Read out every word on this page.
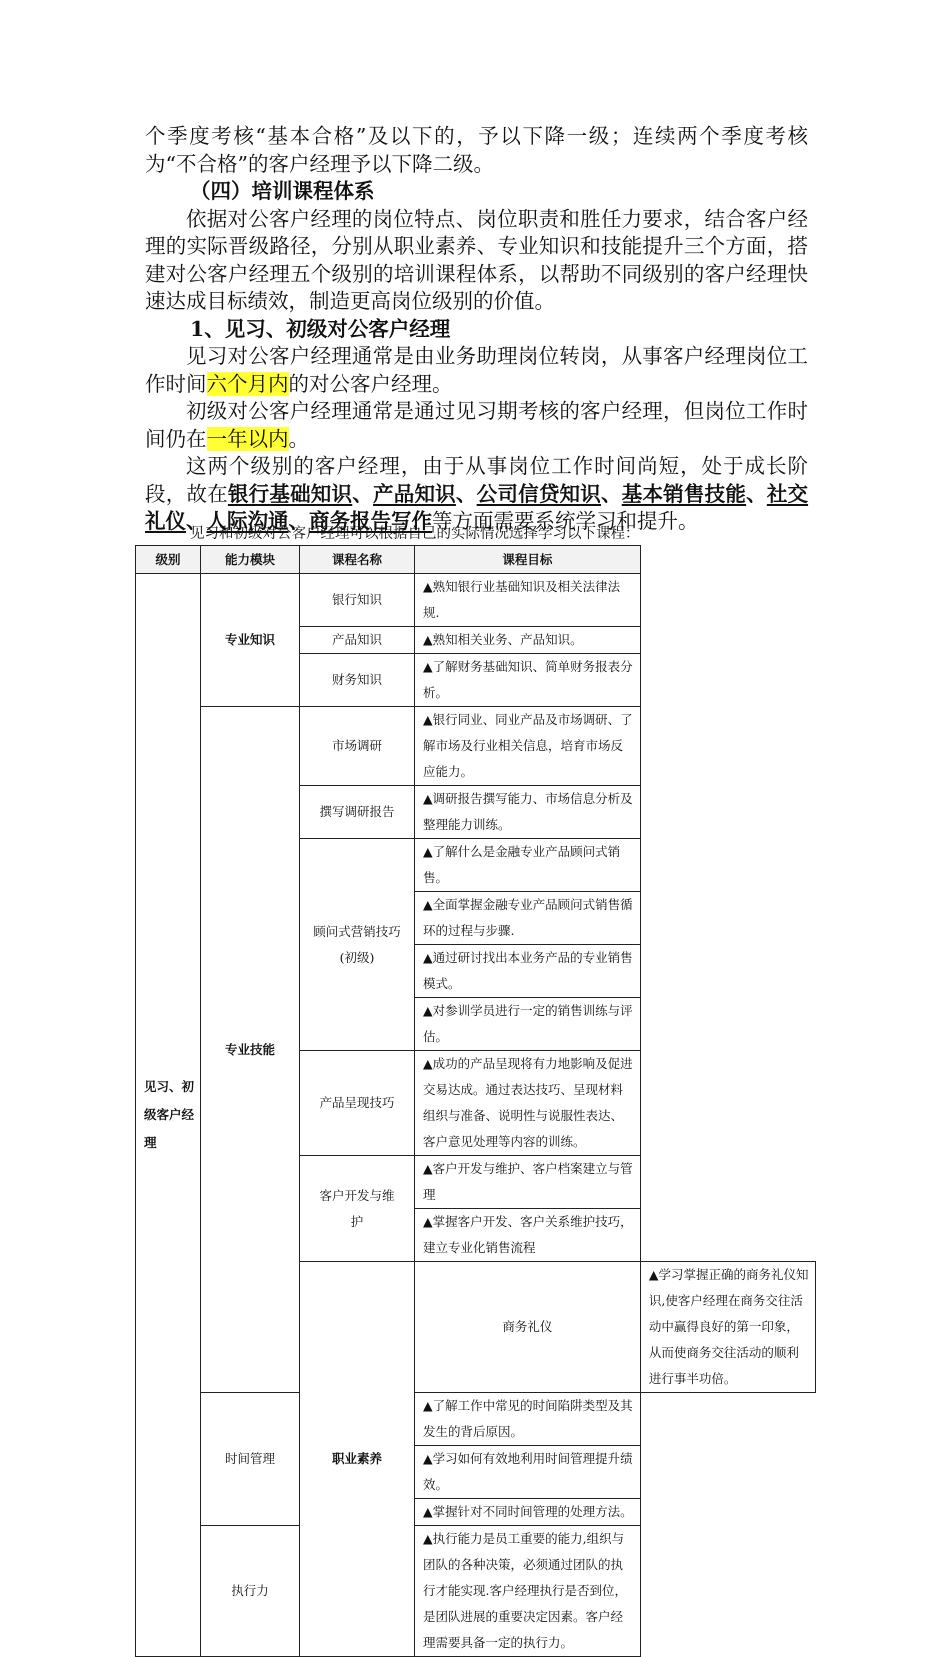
个季度考核“基本合格”及以下的，予以下降一级；连续两个季度考核为“不合格”的客户经理予以下降二级。

（四）培训课程体系

依据对公客户经理的岗位特点、岗位职责和胜任力要求，结合客户经理的实际晋级路径，分别从职业素养、专业知识和技能提升三个方面，搭建对公客户经理五个级别的培训课程体系，以帮助不同级别的客户经理快速达成目标绩效，制造更高岗位级别的价值。

1、见习、初级对公客户经理

见习对公客户经理通常是由业务助理岗位转岗，从事客户经理岗位工作时间六个月内的对公客户经理。

初级对公客户经理通常是通过见习期考核的客户经理，但岗位工作时间仍在一年以内。

这两个级别的客户经理，由于从事岗位工作时间尚短，处于成长阶段，故在银行基础知识、产品知识、公司信贷知识、基本销售技能、社交礼仪、人际沟通、商务报告写作等方面需要系统学习和提升。

见习和初级对公客户经理可以根据自己的实际情况选择学习以下课程：
级别	能力模块	课程名称	课程目标	
见习、初级客户经理	专业知识	银行知识	▲熟知银行业基础知识及相关法律法规.	
		产品知识	▲熟知相关业务、产品知识。	
		财务知识	▲了解财务基础知识、简单财务报表分析。	
	专业技能	市场调研	▲银行同业、同业产品及市场调研、了解市场及行业相关信息，培育市场反应能力。	
		撰写调研报告	▲调研报告撰写能力、市场信息分析及整理能力训练。	
		顾问式营销技巧(初级)	▲了解什么是金融专业产品顾问式销售。	
			▲全面掌握金融专业产品顾问式销售循环的过程与步骤.	
			▲通过研讨找出本业务产品的专业销售模式。	
			▲对参训学员进行一定的销售训练与评估。	
		产品呈现技巧	▲成功的产品呈现将有力地影响及促进交易达成。通过表达技巧、呈现材料组织与准备、说明性与说服性表达、客户意见处理等内容的训练。	
		客户开发与维护	▲客户开发与维护、客户档案建立与管理	
			▲掌握客户开发、客户关系维护技巧，建立专业化销售流程	
		职业素养	商务礼仪	▲学习掌握正确的商务礼仪知识,使客户经理在商务交往活动中赢得良好的第一印象，从而使商务交往活动的顺利进行事半功倍。
	时间管理		▲了解工作中常见的时间陷阱类型及其发生的背后原因。	
			▲学习如何有效地利用时间管理提升绩效。	
			▲掌握针对不同时间管理的处理方法。	
	执行力		▲执行能力是员工重要的能力,组织与团队的各种决策，必须通过团队的执行才能实现.客户经理执行是否到位，是团队进展的重要决定因素。客户经理需要具备一定的执行力。	
